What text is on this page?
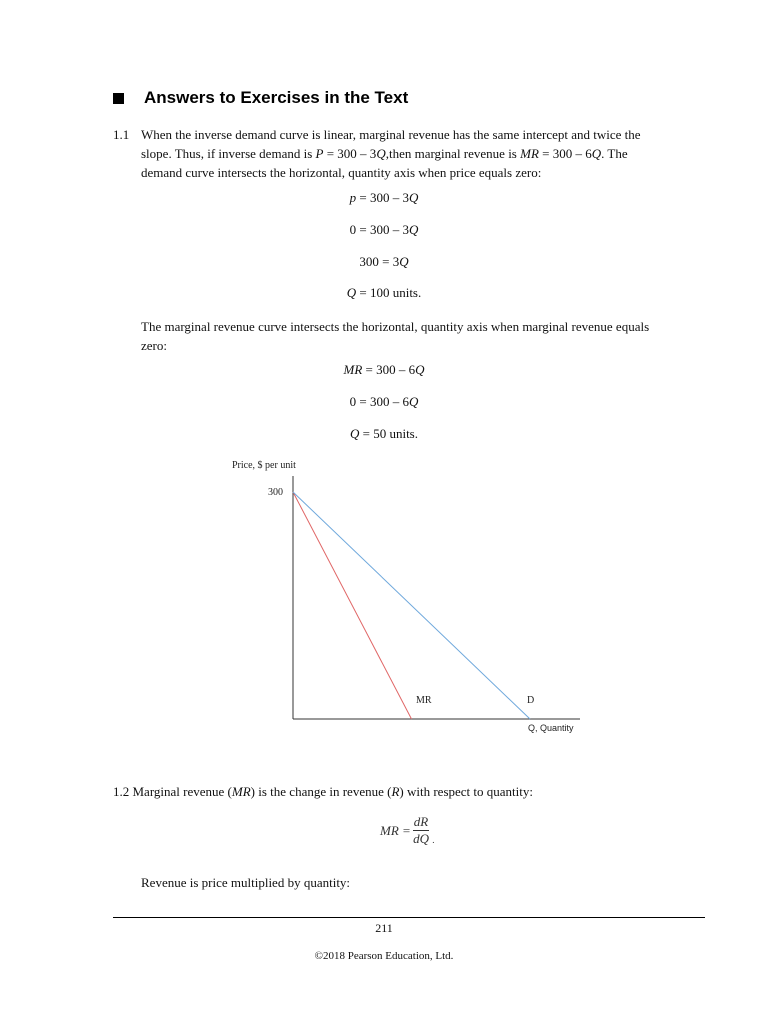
Answers to Exercises in the Text
1.1 When the inverse demand curve is linear, marginal revenue has the same intercept and twice the
slope. Thus, if inverse demand is P = 300 – 3Q,then marginal revenue is MR = 300 – 6Q. The
demand curve intersects the horizontal, quantity axis when price equals zero:
p = 300 – 3Q
0 = 300 – 3Q
300 = 3Q
Q = 100 units.
The marginal revenue curve intersects the horizontal, quantity axis when marginal revenue equals
zero:
MR = 300 – 6Q
0 = 300 – 6Q
Q = 50 units.
Price, $ per unit
300
MR	D
Q, Quantity
1.2 Marginal revenue (MR) is the change in revenue (R) with respect to quantity:
MR = $\frac{dR}{dQ}$ .
Revenue is price multiplied by quantity:
211
©2018 Pearson Education, Ltd.
